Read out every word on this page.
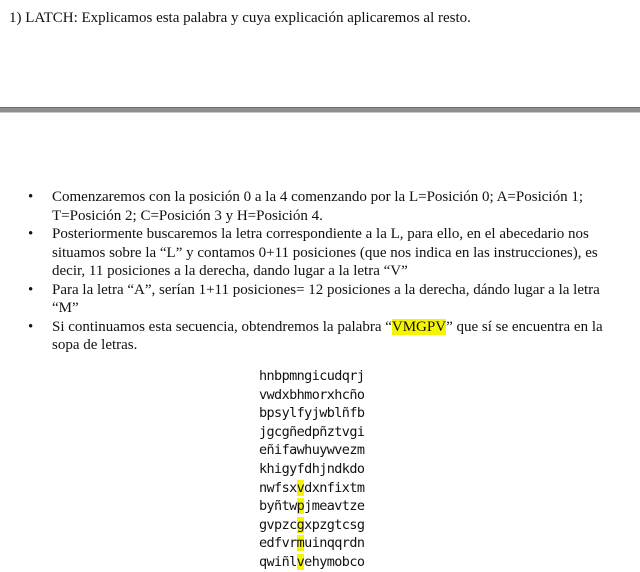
1) LATCH: Explicamos esta palabra y cuya explicación aplicaremos al resto.
•	Comenzaremos con la posición 0 a la 4 comenzando por la L=Posición 0; A=Posición 1; T=Posición 2; C=Posición 3 y H=Posición 4.
•	Posteriormente buscaremos la letra correspondiente a la L, para ello, en el abecedario nos situamos sobre la “L” y contamos 0+11 posiciones (que nos indica en las instrucciones), es decir, 11 posiciones a la derecha, dando lugar a la letra “V”
•	Para la letra “A”, serían 1+11 posiciones= 12 posiciones a la derecha, dándo lugar a la letra “M”
•	Si continuamos esta secuencia, obtendremos la palabra “VMGPV” que sí se encuentra en la sopa de letras.
hnbpmngicudqrj
vwdxbhmorxhcño
bpsylfyjwblñfb
jgcgñedpñztvgi
eñifawhuywvezm
khigyfdhjndkdo
nwfsxvdxnfixtm
byñtwpjmeavtze
gvpzcgxpzgtcsg
edfvrmuinqqrdn
qwiñlvehymobco
